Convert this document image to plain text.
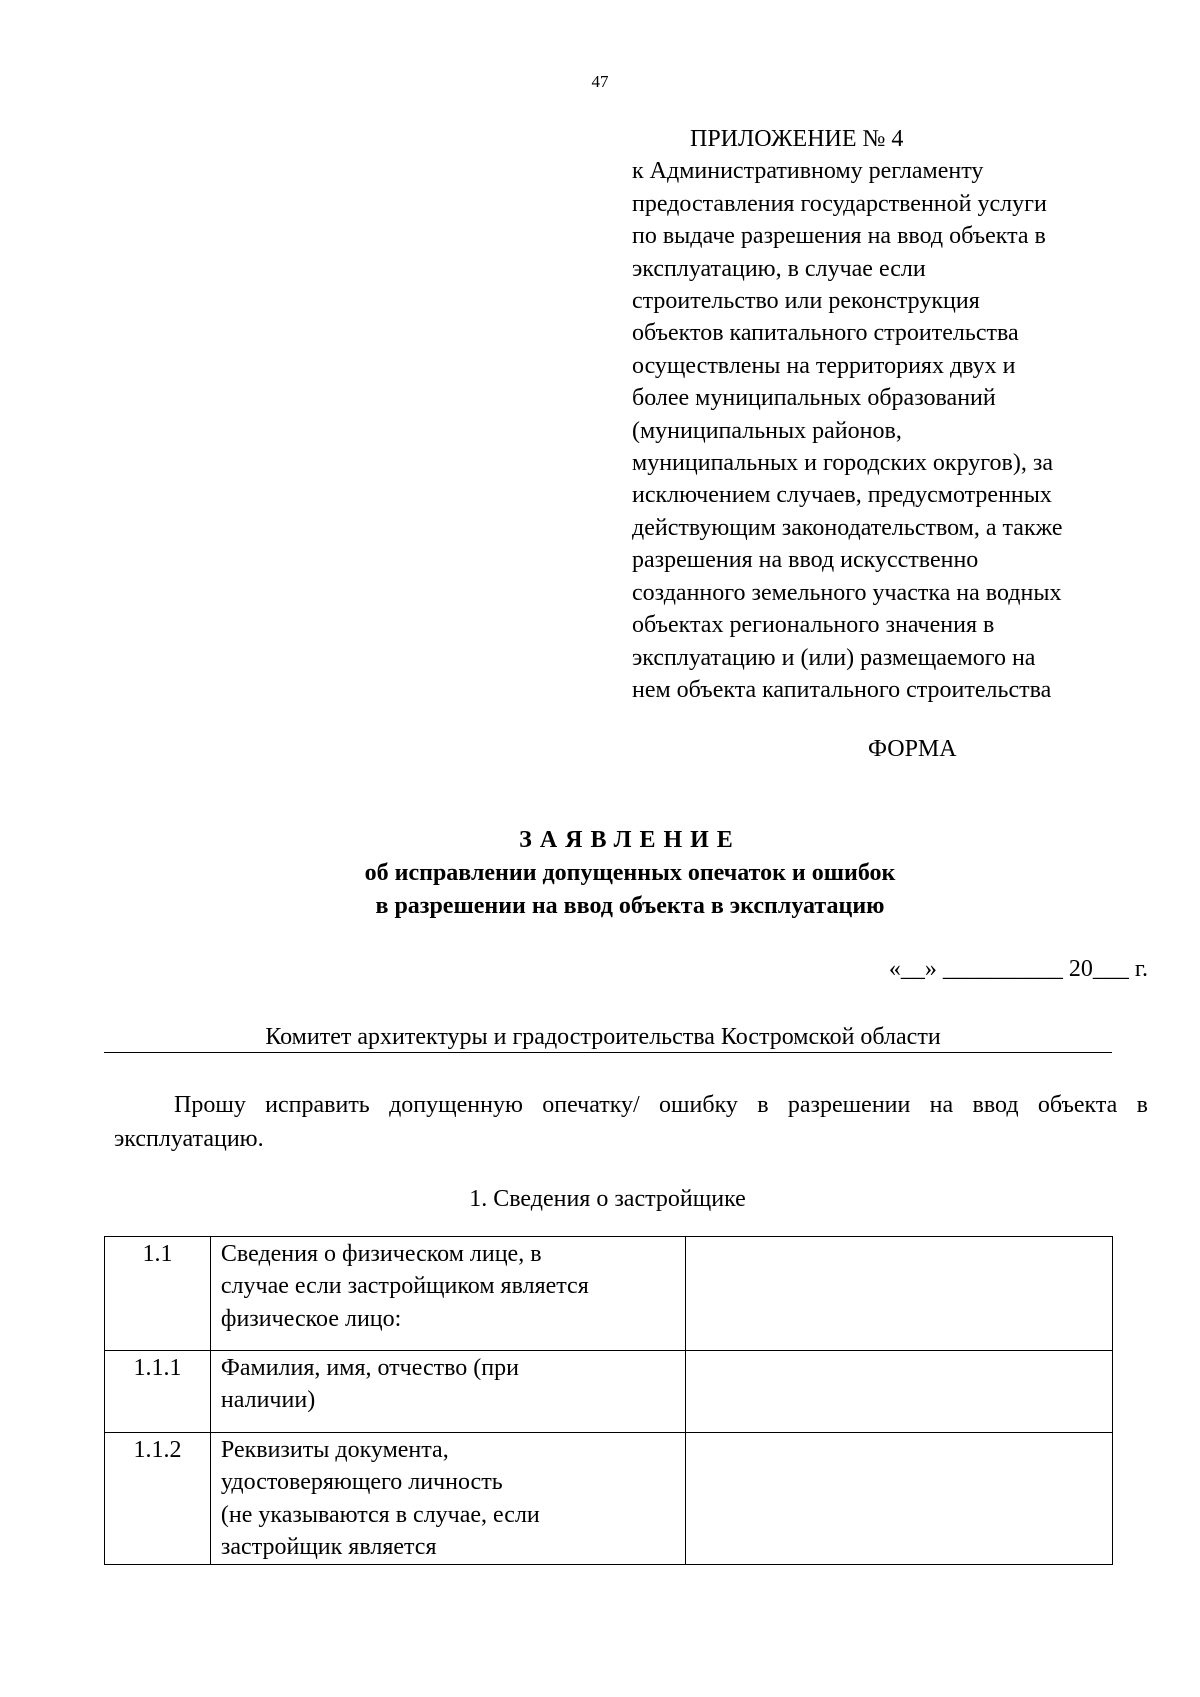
47
ПРИЛОЖЕНИЕ № 4
к Административному регламенту
предоставления государственной услуги
по выдаче разрешения на ввод объекта в
эксплуатацию, в случае если
строительство или реконструкция
объектов капитального строительства
осуществлены на территориях двух и
более муниципальных образований
(муниципальных районов,
муниципальных и городских округов), за
исключением случаев, предусмотренных
действующим законодательством, а также
разрешения на ввод искусственно
созданного земельного участка на водных
объектах регионального значения в
эксплуатацию и (или) размещаемого на
нем объекта капитального строительства
ФОРМА
ЗАЯВЛЕНИЕ
об исправлении допущенных опечаток и ошибок
в разрешении на ввод объекта в эксплуатацию
«__» __________ 20___ г.
Комитет архитектуры и градостроительства Костромской области
Прошу исправить допущенную опечатку/ ошибку в разрешении на ввод объекта в эксплуатацию.
1. Сведения о застройщике
1.1	Сведения о физическом лице, в
случае если застройщиком является
физическое лицо:	

1.1.1	Фамилия, имя, отчество (при
наличии)	

1.1.2	Реквизиты документа,
удостоверяющего личность
(не указываются в случае, если
застройщик является	
